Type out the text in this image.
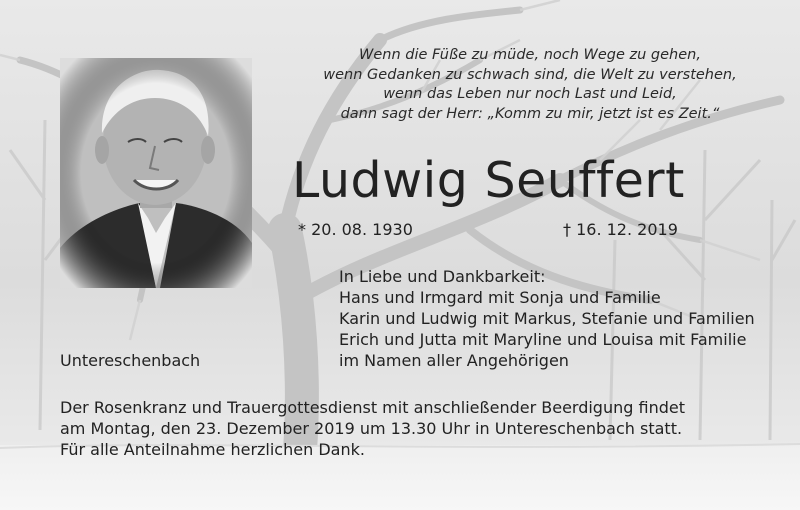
Wenn die Füße zu müde, noch Wege zu gehen,
wenn Gedanken zu schwach sind, die Welt zu verstehen,
wenn das Leben nur noch Last und Leid,
dann sagt der Herr: „Komm zu mir, jetzt ist es Zeit.“
Ludwig Seuffert
* 20. 08. 1930	† 16. 12. 2019
In Liebe und Dankbarkeit:
Hans und Irmgard mit Sonja und Familie
Karin und Ludwig mit Markus, Stefanie und Familien
Erich und Jutta mit Maryline und Louisa mit Familie
im Namen aller Angehörigen
Untereschenbach
Der Rosenkranz und Trauergottesdienst mit anschließender Beerdigung findet
am Montag, den 23. Dezember 2019 um 13.30 Uhr in Untereschenbach statt.
Für alle Anteilnahme herzlichen Dank.
